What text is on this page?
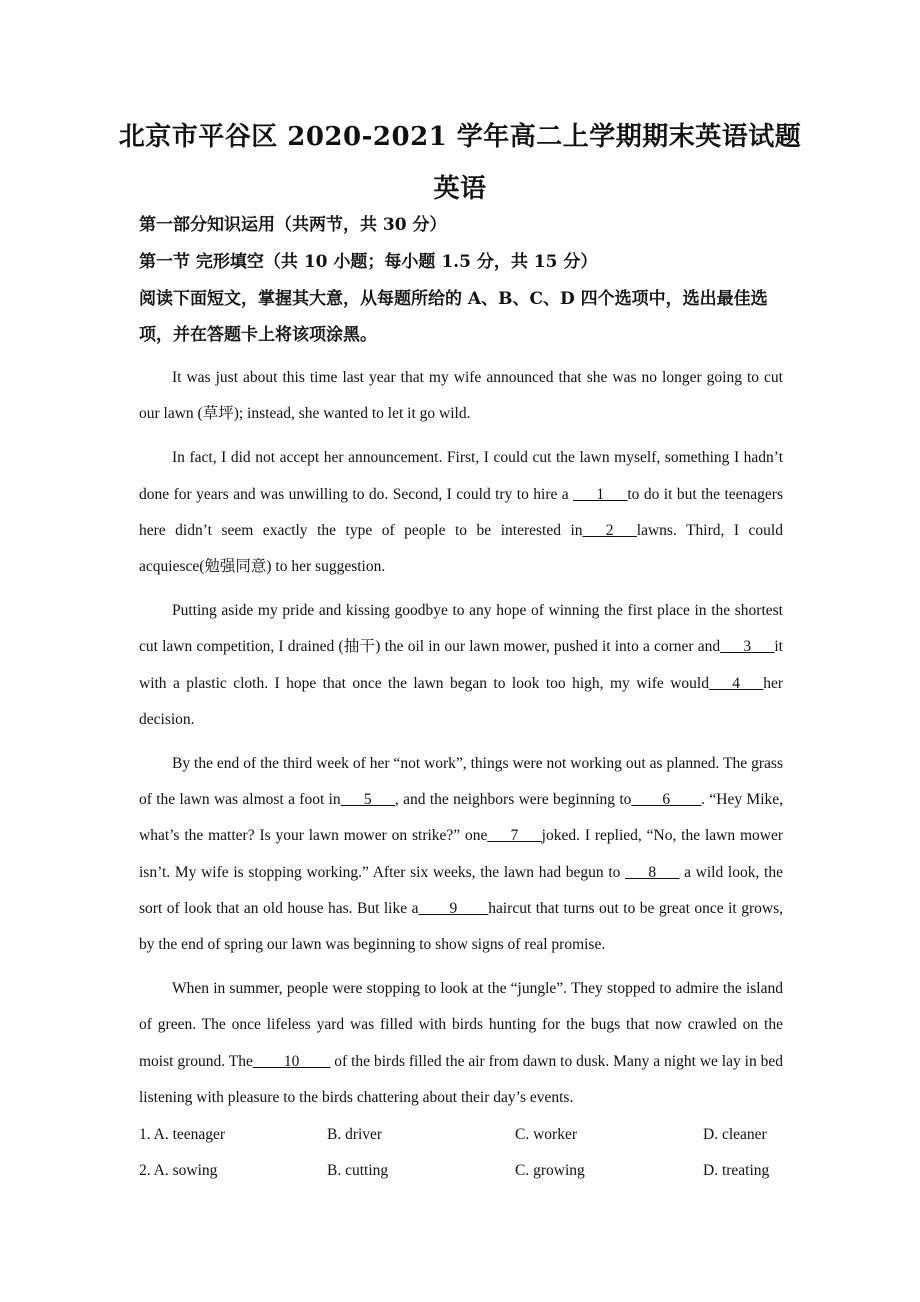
北京市平谷区 2020-2021 学年高二上学期期末英语试题
英语
第一部分知识运用（共两节，共 30 分）
第一节 完形填空（共 10 小题；每小题 1.5 分，共 15 分）
阅读下面短文，掌握其大意，从每题所给的 A、B、C、D 四个选项中，选出最佳选项，并在答题卡上将该项涂黑。

It was just about this time last year that my wife announced that she was no longer going to cut our lawn (草坪); instead, she wanted to let it go wild.

In fact, I did not accept her announcement. First, I could cut the lawn myself, something I hadn’t done for years and was unwilling to do. Second, I could try to hire a ___1___to do it but the teenagers here didn’t seem exactly the type of people to be interested in___2___lawns. Third, I could acquiesce(勉强同意) to her suggestion.

Putting aside my pride and kissing goodbye to any hope of winning the first place in the shortest cut lawn competition, I drained (抽干) the oil in our lawn mower, pushed it into a corner and___3___it with a plastic cloth. I hope that once the lawn began to look too high, my wife would___4___her decision.

By the end of the third week of her “not work”, things were not working out as planned. The grass of the lawn was almost a foot in___5___, and the neighbors were beginning to____6____. “Hey Mike, what’s the matter? Is your lawn mower on strike?” one___7___joked. I replied, “No, the lawn mower isn’t. My wife is stopping working.” After six weeks, the lawn had begun to ___8___ a wild look, the sort of look that an old house has. But like a____9____haircut that turns out to be great once it grows, by the end of spring our lawn was beginning to show signs of real promise.

When in summer, people were stopping to look at the “jungle”. They stopped to admire the island of green. The once lifeless yard was filled with birds hunting for the bugs that now crawled on the moist ground. The____10____ of the birds filled the air from dawn to dusk. Many a night we lay in bed listening with pleasure to the birds chattering about their day’s events.

1. A. teenager	B. driver	C. worker	D. cleaner
2. A. sowing	B. cutting	C. growing	D. treating
